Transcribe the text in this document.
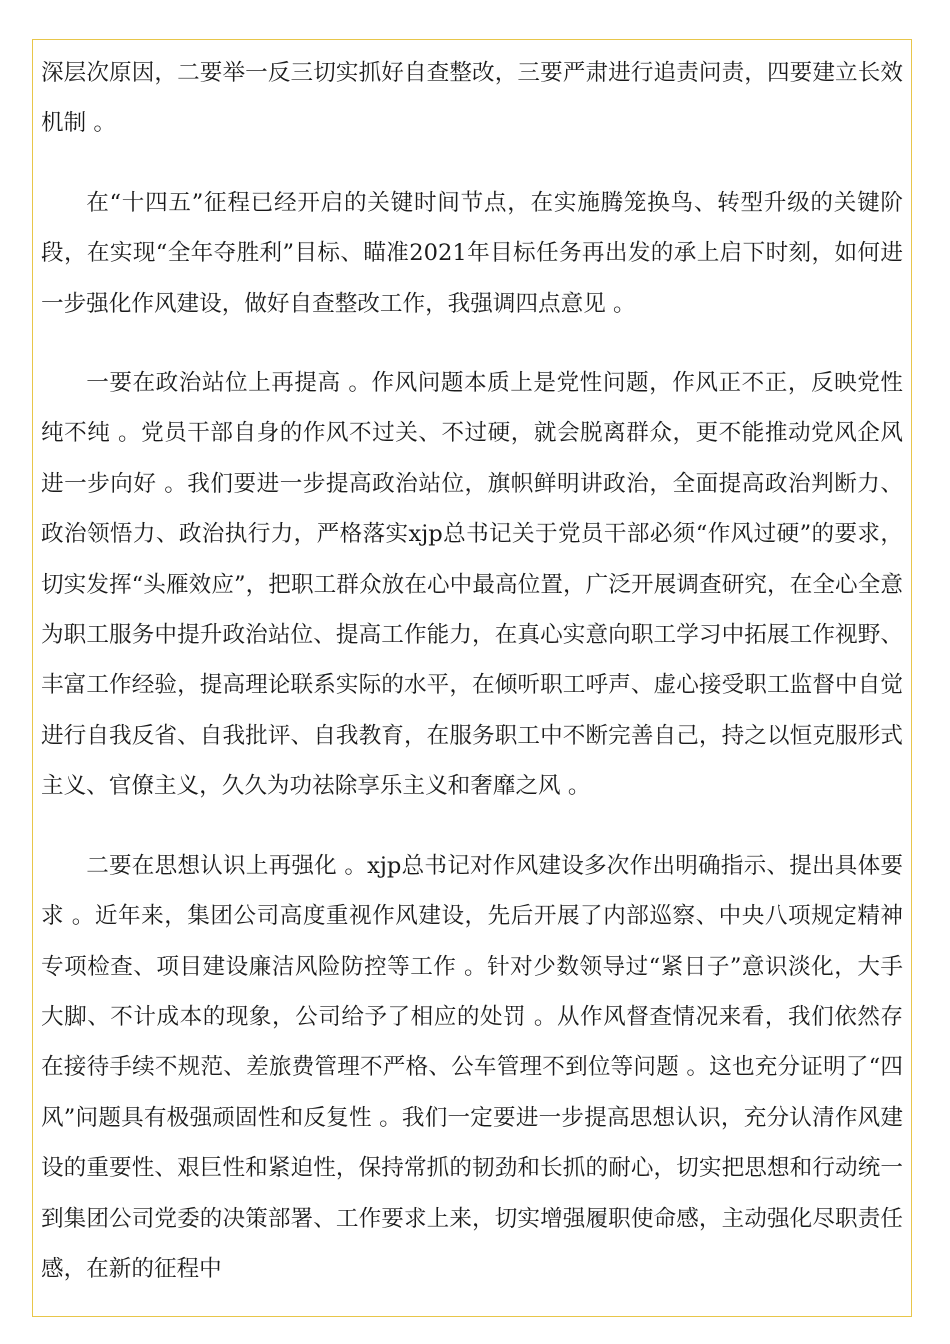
深层次原因，二要举一反三切实抓好自查整改，三要严肃进行追责问责，四要建立长效机制 。

在“十四五”征程已经开启的关键时间节点，在实施腾笼换鸟、转型升级的关键阶段，在实现“全年夺胜利”目标、瞄准2021年目标任务再出发的承上启下时刻，如何进一步强化作风建设，做好自查整改工作，我强调四点意见 。

一要在政治站位上再提高 。作风问题本质上是党性问题，作风正不正，反映党性纯不纯 。党员干部自身的作风不过关、不过硬，就会脱离群众，更不能推动党风企风进一步向好 。我们要进一步提高政治站位，旗帜鲜明讲政治，全面提高政治判断力、政治领悟力、政治执行力，严格落实xjp总书记关于党员干部必须“作风过硬”的要求，切实发挥“头雁效应”，把职工群众放在心中最高位置，广泛开展调查研究，在全心全意为职工服务中提升政治站位、提高工作能力，在真心实意向职工学习中拓展工作视野、丰富工作经验，提高理论联系实际的水平，在倾听职工呼声、虚心接受职工监督中自觉进行自我反省、自我批评、自我教育，在服务职工中不断完善自己，持之以恒克服形式主义、官僚主义，久久为功祛除享乐主义和奢靡之风 。

二要在思想认识上再强化 。xjp总书记对作风建设多次作出明确指示、提出具体要求 。近年来，集团公司高度重视作风建设，先后开展了内部巡察、中央八项规定精神专项检查、项目建设廉洁风险防控等工作 。针对少数领导过“紧日子”意识淡化，大手大脚、不计成本的现象，公司给予了相应的处罚 。从作风督查情况来看，我们依然存在接待手续不规范、差旅费管理不严格、公车管理不到位等问题 。这也充分证明了“四风”问题具有极强顽固性和反复性 。我们一定要进一步提高思想认识，充分认清作风建设的重要性、艰巨性和紧迫性，保持常抓的韧劲和长抓的耐心，切实把思想和行动统一到集团公司党委的决策部署、工作要求上来，切实增强履职使命感，主动强化尽职责任感，在新的征程中
